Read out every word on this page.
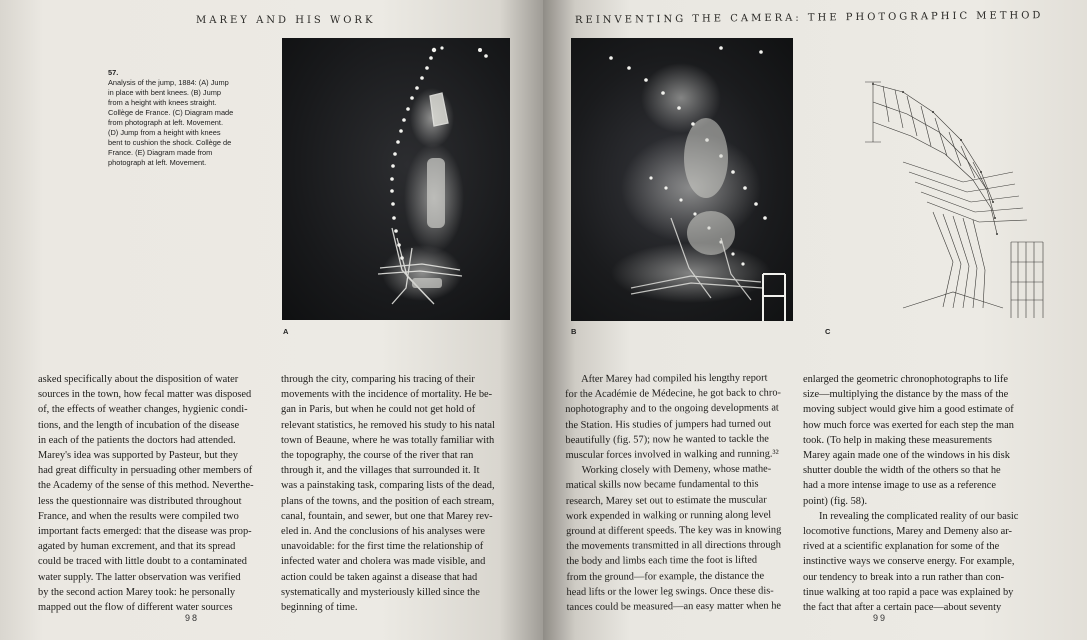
MAREY AND HIS WORK
57.
Analysis of the jump, 1884: (A) Jump
in place with bent knees. (B) Jump
from a height with knees straight.
Collège de France. (C) Diagram made
from photograph at left. Movement.
(D) Jump from a height with knees
bent to cushion the shock. Collège de
France. (E) Diagram made from
photograph at left. Movement.
A
asked specifically about the disposition of water
sources in the town, how fecal matter was disposed
of, the effects of weather changes, hygienic condi-
tions, and the length of incubation of the disease
in each of the patients the doctors had attended.
Marey's idea was supported by Pasteur, but they
had great difficulty in persuading other members of
the Academy of the sense of this method. Neverthe-
less the questionnaire was distributed throughout
France, and when the results were compiled two
important facts emerged: that the disease was prop-
agated by human excrement, and that its spread
could be traced with little doubt to a contaminated
water supply. The latter observation was verified
by the second action Marey took: he personally
mapped out the flow of different water sources
through the city, comparing his tracing of their
movements with the incidence of mortality. He be-
gan in Paris, but when he could not get hold of
relevant statistics, he removed his study to his natal
town of Beaune, where he was totally familiar with
the topography, the course of the river that ran
through it, and the villages that surrounded it. It
was a painstaking task, comparing lists of the dead,
plans of the towns, and the position of each stream,
canal, fountain, and sewer, but one that Marey rev-
eled in. And the conclusions of his analyses were
unavoidable: for the first time the relationship of
infected water and cholera was made visible, and
action could be taken against a disease that had
systematically and mysteriously killed since the
beginning of time.
98
REINVENTING THE CAMERA: THE PHOTOGRAPHIC METHOD
B	C
After Marey had compiled his lengthy report
for the Académie de Médecine, he got back to chro-
nophotography and to the ongoing developments at
the Station. His studies of jumpers had turned out
beautifully (fig. 57); now he wanted to tackle the
muscular forces involved in walking and running.³²
Working closely with Demeny, whose mathe-
matical skills now became fundamental to this
research, Marey set out to estimate the muscular
work expended in walking or running along level
ground at different speeds. The key was in knowing
the movements transmitted in all directions through
the body and limbs each time the foot is lifted
from the ground—for example, the distance the
head lifts or the lower leg swings. Once these dis-
tances could be measured—an easy matter when he
enlarged the geometric chronophotographs to life
size—multiplying the distance by the mass of the
moving subject would give him a good estimate of
how much force was exerted for each step the man
took. (To help in making these measurements
Marey again made one of the windows in his disk
shutter double the width of the others so that he
had a more intense image to use as a reference
point) (fig. 58).
In revealing the complicated reality of our basic
locomotive functions, Marey and Demeny also ar-
rived at a scientific explanation for some of the
instinctive ways we conserve energy. For example,
our tendency to break into a run rather than con-
tinue walking at too rapid a pace was explained by
the fact that after a certain pace—about seventy
99
